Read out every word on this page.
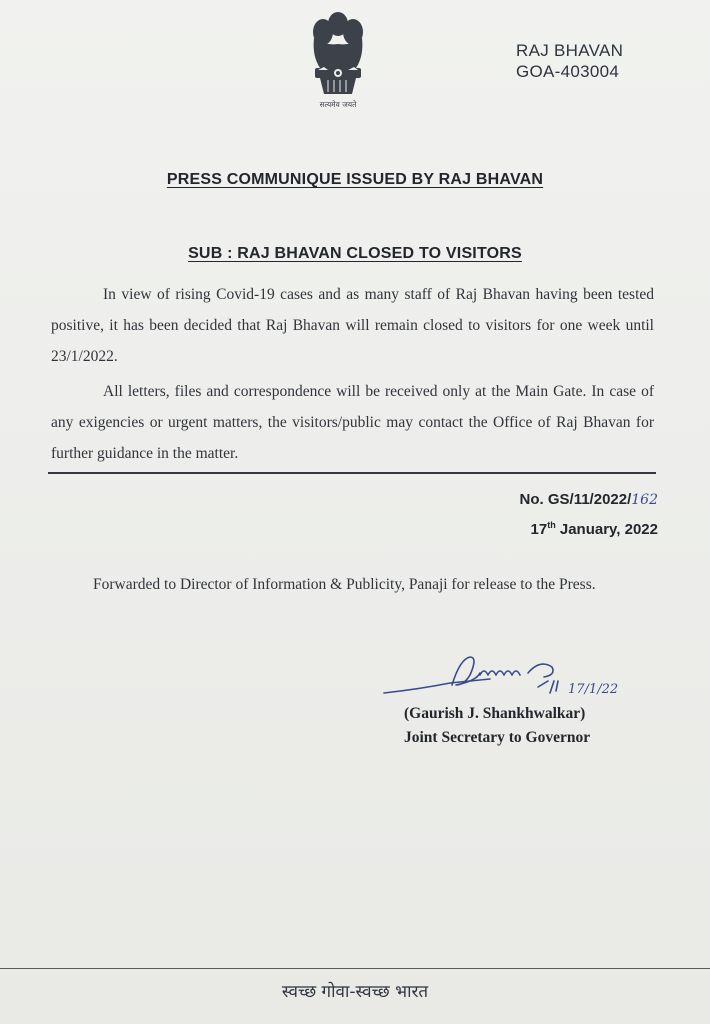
सत्यमेव जयते
RAJ BHAVAN
GOA-403004
PRESS COMMUNIQUE ISSUED BY RAJ BHAVAN
SUB : RAJ BHAVAN CLOSED TO VISITORS
In view of rising Covid-19 cases and as many staff of Raj Bhavan having been tested positive, it has been decided that Raj Bhavan will remain closed to visitors for one week until 23/1/2022.
All letters, files and correspondence will be received only at the Main Gate. In case of any exigencies or urgent matters, the visitors/public may contact the Office of Raj Bhavan for further guidance in the matter.
No. GS/11/2022/162
17th January, 2022
Forwarded to Director of Information & Publicity, Panaji for release to the Press.
17/1/22
(Gaurish J. Shankhwalkar)
Joint Secretary to Governor
स्वच्छ गोवा-स्वच्छ भारत
